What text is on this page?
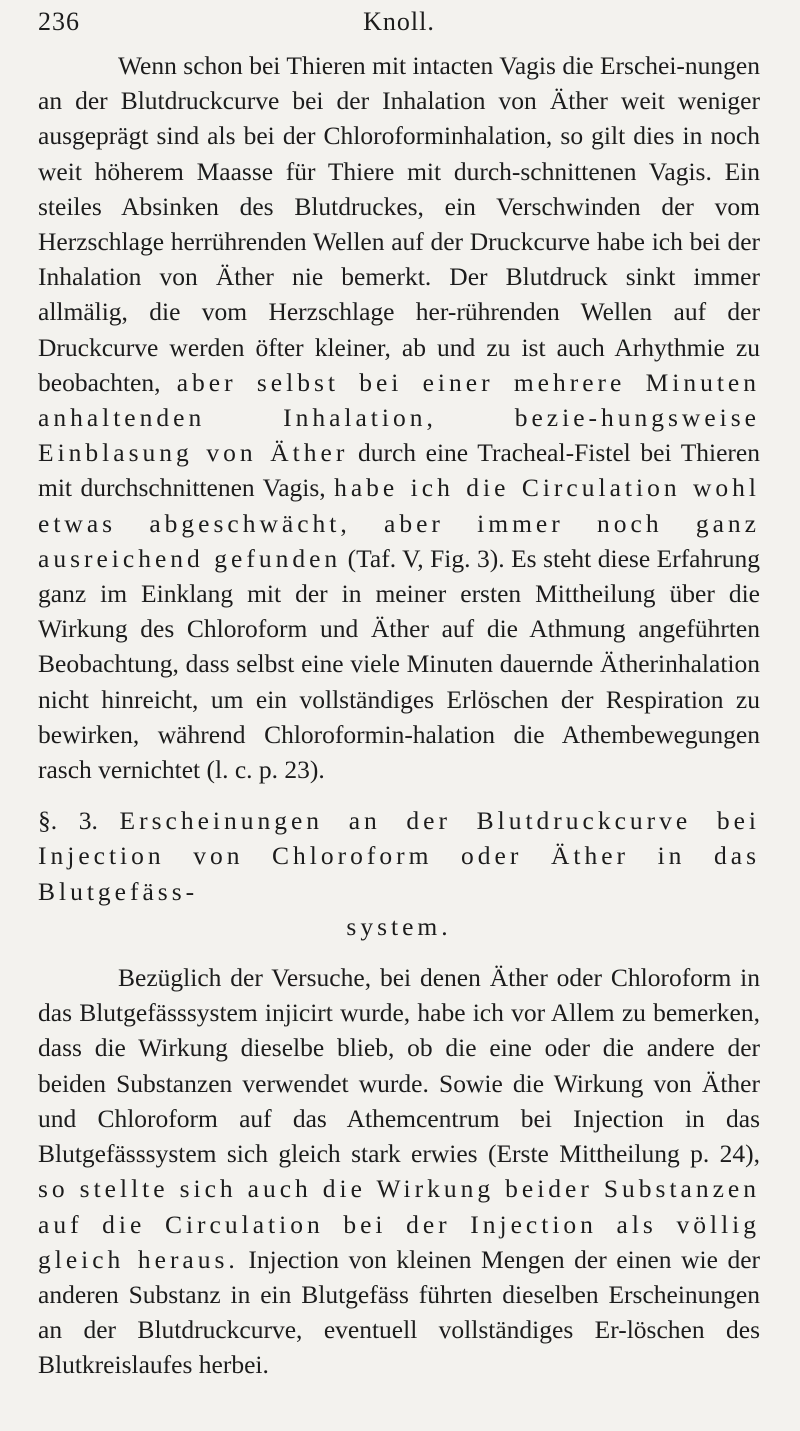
236	Knoll.

Wenn schon bei Thieren mit intacten Vagis die Erschei-nungen an der Blutdruckcurve bei der Inhalation von Äther weit weniger ausgeprägt sind als bei der Chloroforminhalation, so gilt dies in noch weit höherem Maasse für Thiere mit durch-schnittenen Vagis. Ein steiles Absinken des Blutdruckes, ein Verschwinden der vom Herzschlage herrührenden Wellen auf der Druckcurve habe ich bei der Inhalation von Äther nie bemerkt. Der Blutdruck sinkt immer allmälig, die vom Herzschlage her-rührenden Wellen auf der Druckcurve werden öfter kleiner, ab und zu ist auch Arhythmie zu beobachten, aber selbst bei einer mehrere Minuten anhaltenden Inhalation, bezie-hungsweise Einblasung von Äther durch eine Tracheal-Fistel bei Thieren mit durchschnittenen Vagis, habe ich die Circulation wohl etwas abgeschwächt, aber immer noch ganz ausreichend gefunden (Taf. V, Fig. 3). Es steht diese Erfahrung ganz im Einklang mit der in meiner ersten Mittheilung über die Wirkung des Chloroform und Äther auf die Athmung angeführten Beobachtung, dass selbst eine viele Minuten dauernde Ätherinhalation nicht hinreicht, um ein vollständiges Erlöschen der Respiration zu bewirken, während Chloroformin-halation die Athembewegungen rasch vernichtet (l. c. p. 23).

§. 3. Erscheinungen an der Blutdruckcurve bei Injection von Chloroform oder Äther in das Blutgefäss-
system.

Bezüglich der Versuche, bei denen Äther oder Chloroform in das Blutgefässsystem injicirt wurde, habe ich vor Allem zu bemerken, dass die Wirkung dieselbe blieb, ob die eine oder die andere der beiden Substanzen verwendet wurde. Sowie die Wirkung von Äther und Chloroform auf das Athemcentrum bei Injection in das Blutgefässsystem sich gleich stark erwies (Erste Mittheilung p. 24), so stellte sich auch die Wirkung beider Substanzen auf die Circulation bei der Injection als völlig gleich heraus. Injection von kleinen Mengen der einen wie der anderen Substanz in ein Blutgefäss führten dieselben Erscheinungen an der Blutdruckcurve, eventuell vollständiges Er-löschen des Blutkreislaufes herbei.
